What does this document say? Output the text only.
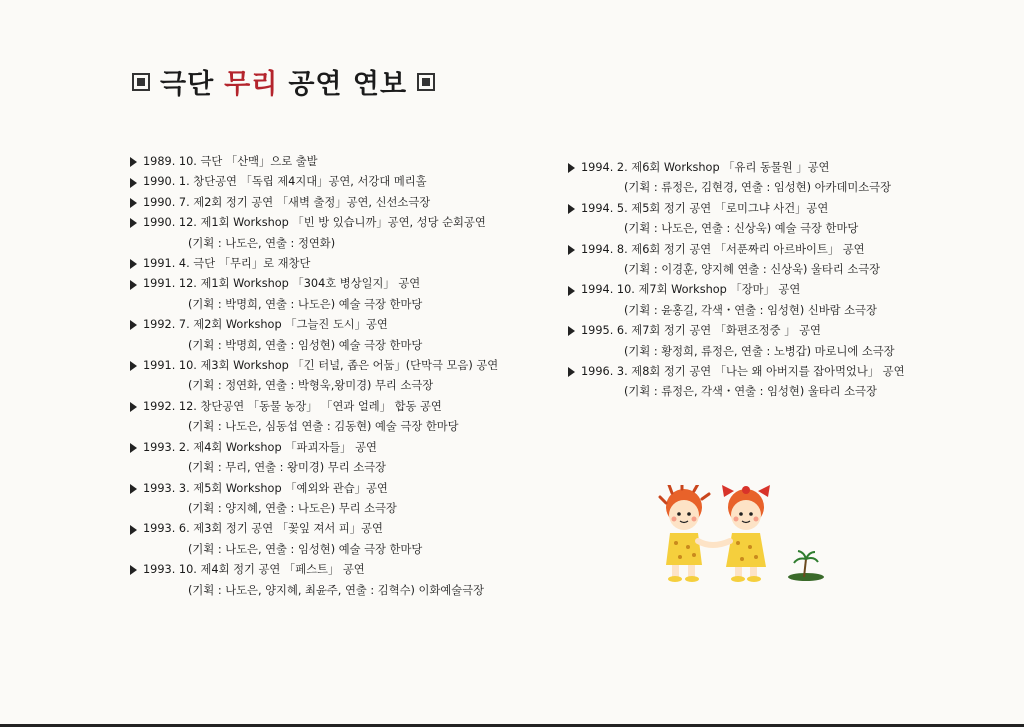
극단 무리 공연 연보
1989. 10. 극단 「산맥」으로 출발
1990. 1. 창단공연 「독립 제4지대」공연, 서강대 메리홀
1990. 7. 제2회 정기 공연 「새벽 출정」공연, 신선소극장
1990. 12. 제1회 Workshop 「빈 방 있습니까」공연, 성당 순회공연
(기획 : 나도은, 연출 : 정연화)
1991. 4. 극단 「무리」로 재창단
1991. 12. 제1회 Workshop 「304호 병상일지」 공연
(기획 : 박명희, 연출 : 나도은) 예술 극장 한마당
1992. 7. 제2회 Workshop 「그늘진 도시」공연
(기획 : 박명희, 연출 : 임성현) 예술 극장 한마당
1991. 10. 제3회 Workshop 「긴 터널, 좁은 어둠」(단막극 모음) 공연
(기획 : 정연화, 연출 : 박형욱,왕미경) 무리 소극장
1992. 12. 창단공연 「동물 농장」 「연과 얼레」 합동 공연
(기획 : 나도은, 심동섭 연출 : 김동현) 예술 극장 한마당
1993. 2. 제4회 Workshop 「파괴자들」 공연
(기획 : 무리, 연출 : 왕미경) 무리 소극장
1993. 3. 제5회 Workshop 「예외와 관습」공연
(기획 : 양지혜, 연출 : 나도은) 무리 소극장
1993. 6. 제3회 정기 공연 「꽃잎 져서 피」공연
(기획 : 나도은, 연출 : 임성현) 예술 극장 한마당
1993. 10. 제4회 정기 공연 「페스트」 공연
(기획 : 나도은, 양지혜, 최윤주, 연출 : 김혁수) 이화예술극장
1994. 2. 제6회 Workshop 「유리 동물원 」공연
(기획 : 류정은, 김현경, 연출 : 임성현) 아카데미소극장
1994. 5. 제5회 정기 공연 「로미그냐 사건」공연
(기획 : 나도은, 연출 : 신상욱) 예술 극장 한마당
1994. 8. 제6회 정기 공연 「서푼짜리 아르바이트」 공연
(기획 : 이경훈, 양지혜 연출 : 신상욱) 울타리 소극장
1994. 10. 제7회 Workshop 「장마」 공연
(기획 : 윤홍길, 각색・연출 : 임성현) 신바람 소극장
1995. 6. 제7회 정기 공연 「화편조정중 」 공연
(기획 : 황정희, 류정은, 연출 : 노병갑) 마로니에 소극장
1996. 3. 제8회 정기 공연 「나는 왜 아버지를 잡아먹었나」 공연
(기획 : 류정은, 각색・연출 : 임성현) 울타리 소극장
